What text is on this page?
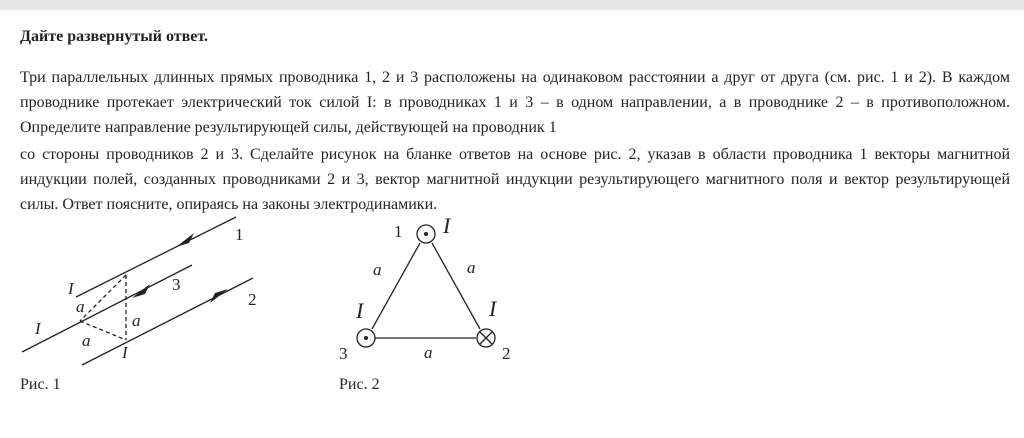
Дайте развернутый ответ.

Три параллельных длинных прямых проводника 1, 2 и 3 расположены на одинаковом расстоянии a друг от друга (см. рис. 1 и 2). В каждом проводнике протекает электрический ток силой I: в проводниках 1 и 3 – в одном направлении, а в проводнике 2 – в противоположном. Определите направление результирующей силы, действующей на проводник 1

со стороны проводников 2 и 3. Сделайте рисунок на бланке ответов на основе рис. 2, указав в области проводника 1 векторы магнитной индукции полей, созданных проводниками 2 и 3, вектор магнитной индукции результирующего магнитного поля и вектор результирующей силы. Ответ поясните, опираясь на законы электродинамики.

1
3
2
I
I
I
a
a
a
Рис. 1
1 I
a	a
I	I
3	a	2
Рис. 2
